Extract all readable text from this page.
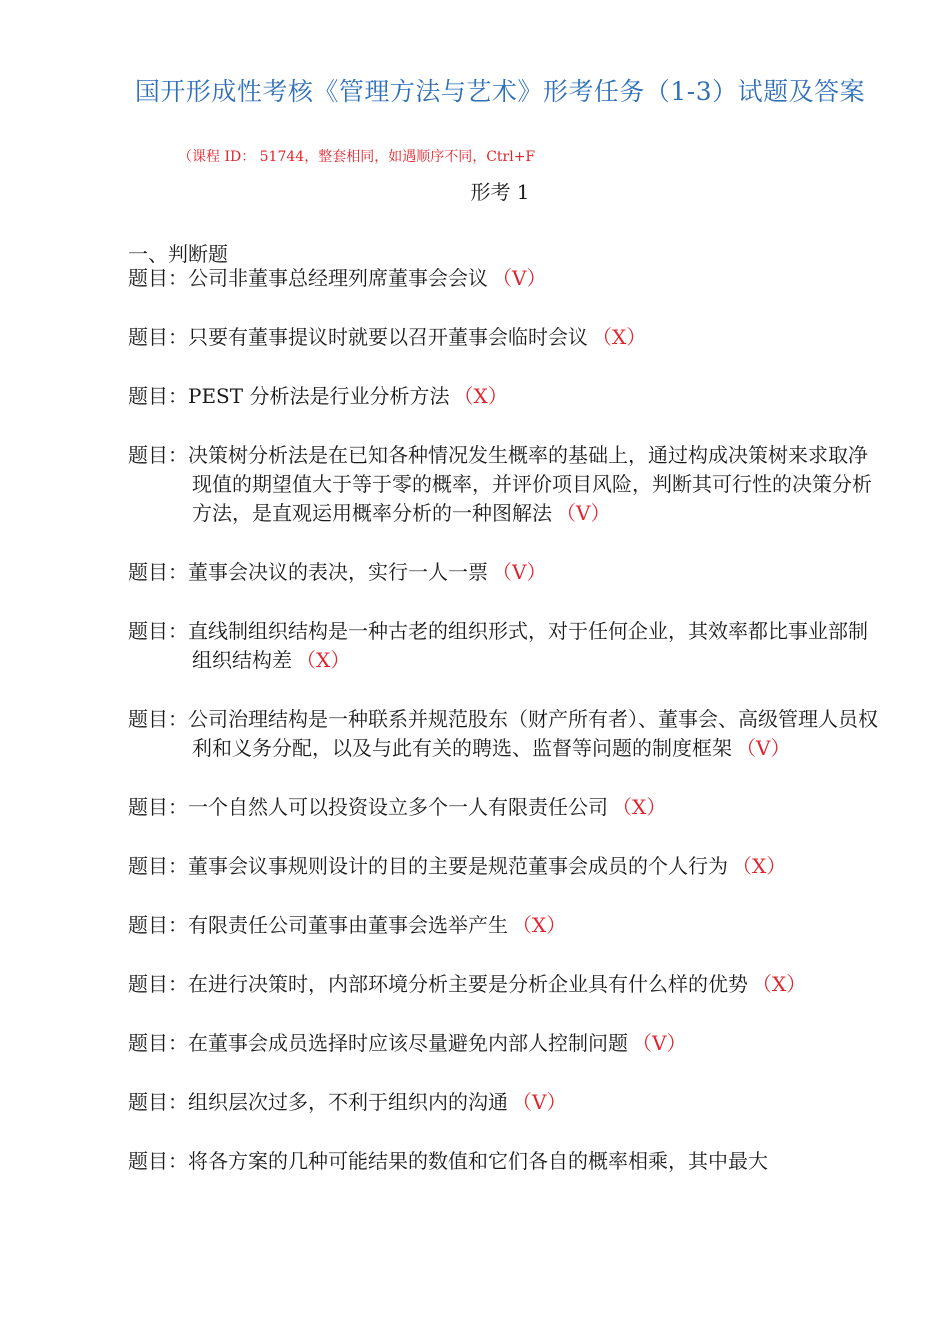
国开形成性考核《管理方法与艺术》形考任务（1-3）试题及答案
（课程 ID： 51744，整套相同，如遇顺序不同，Ctrl+F
形考 1
一、判断题
题目：公司非董事总经理列席董事会会议 （V）
题目：只要有董事提议时就要以召开董事会临时会议 （X）
题目：PEST 分析法是行业分析方法 （X）
题目：决策树分析法是在已知各种情况发生概率的基础上，通过构成决策树来求取净现值的期望值大于等于零的概率，并评价项目风险，判断其可行性的决策分析方法，是直观运用概率分析的一种图解法 （V）
题目：董事会决议的表决，实行一人一票 （V）
题目：直线制组织结构是一种古老的组织形式，对于任何企业，其效率都比事业部制组织结构差 （X）
题目：公司治理结构是一种联系并规范股东（财产所有者）、董事会、高级管理人员权利和义务分配，以及与此有关的聘选、监督等问题的制度框架 （V）
题目：一个自然人可以投资设立多个一人有限责任公司 （X）
题目：董事会议事规则设计的目的主要是规范董事会成员的个人行为 （X）
题目：有限责任公司董事由董事会选举产生 （X）
题目：在进行决策时，内部环境分析主要是分析企业具有什么样的优势 （X）
题目：在董事会成员选择时应该尽量避免内部人控制问题 （V）
题目：组织层次过多，不利于组织内的沟通 （V）
题目：将各方案的几种可能结果的数值和它们各自的概率相乘，其中最大
